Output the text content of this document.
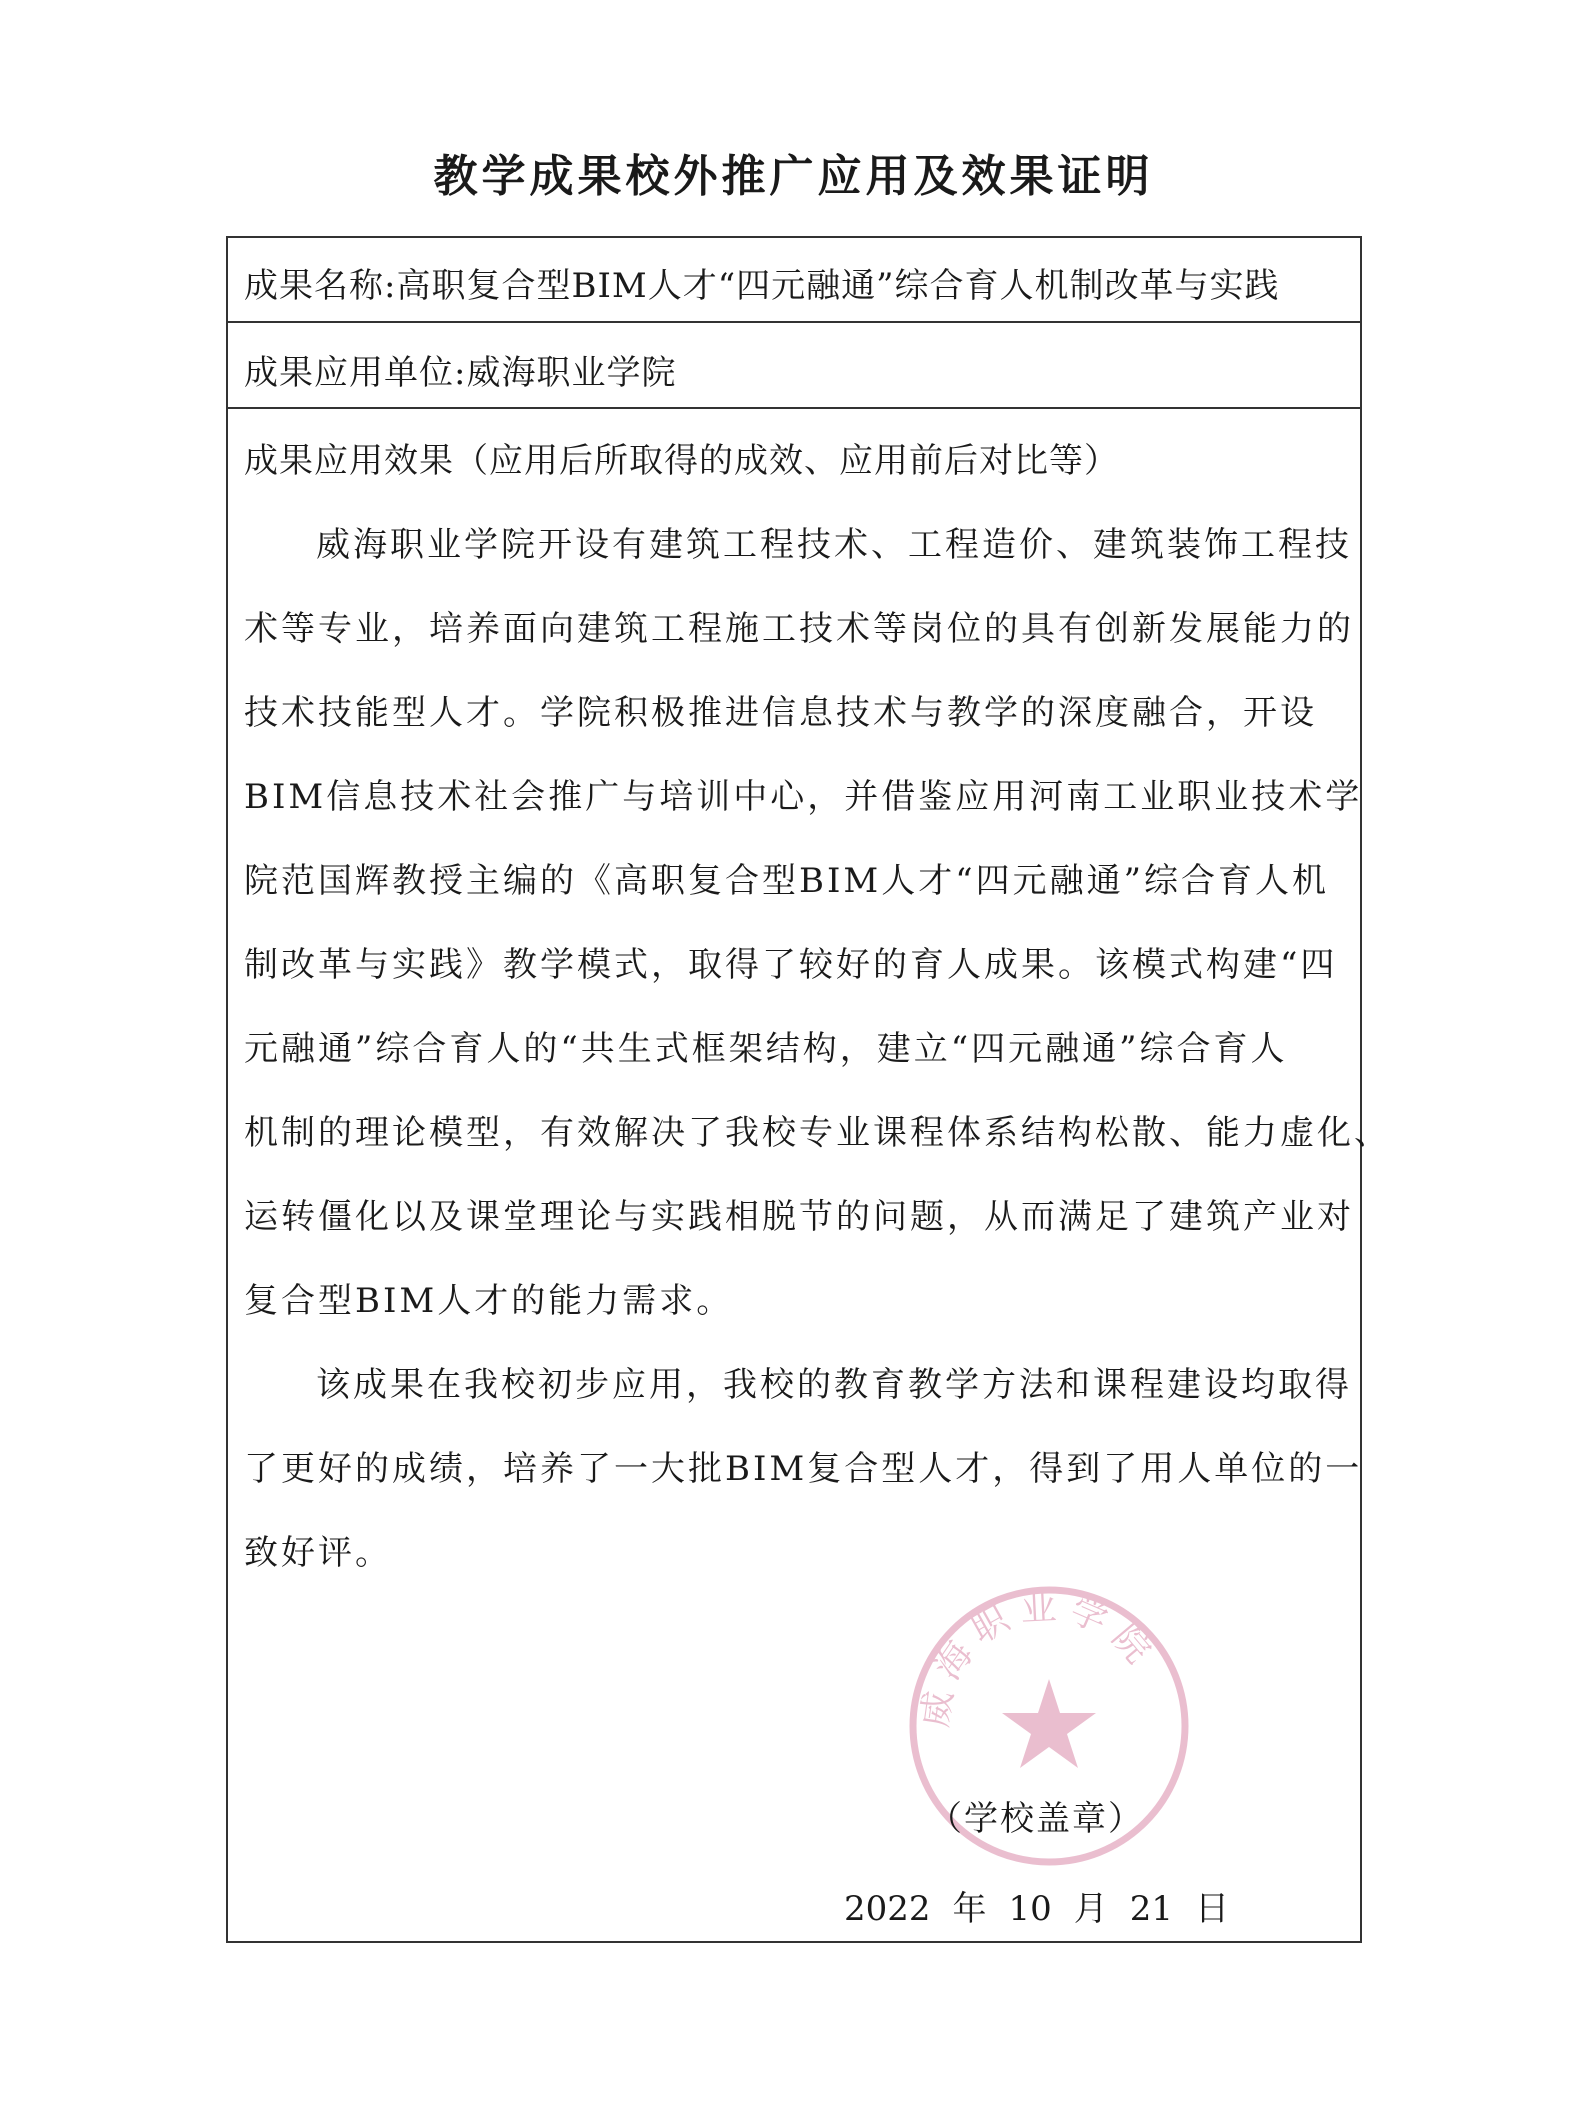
教学成果校外推广应用及效果证明
成果名称:高职复合型BIM人才“四元融通”综合育人机制改革与实践
成果应用单位:威海职业学院
成果应用效果（应用后所取得的成效、应用前后对比等）
威海职业学院开设有建筑工程技术、工程造价、建筑装饰工程技
术等专业，培养面向建筑工程施工技术等岗位的具有创新发展能力的
技术技能型人才。学院积极推进信息技术与教学的深度融合，开设
BIM信息技术社会推广与培训中心，并借鉴应用河南工业职业技术学
院范国辉教授主编的《高职复合型BIM人才“四元融通”综合育人机
制改革与实践》教学模式，取得了较好的育人成果。该模式构建“四
元融通”综合育人的“共生式框架结构，建立“四元融通”综合育人
机制的理论模型，有效解决了我校专业课程体系结构松散、能力虚化、
运转僵化以及课堂理论与实践相脱节的问题，从而满足了建筑产业对
复合型BIM人才的能力需求。
该成果在我校初步应用，我校的教育教学方法和课程建设均取得
了更好的成绩，培养了一大批BIM复合型人才，得到了用人单位的一
致好评。
威海职业学院
（学校盖章）
2022 年 10 月 21 日
